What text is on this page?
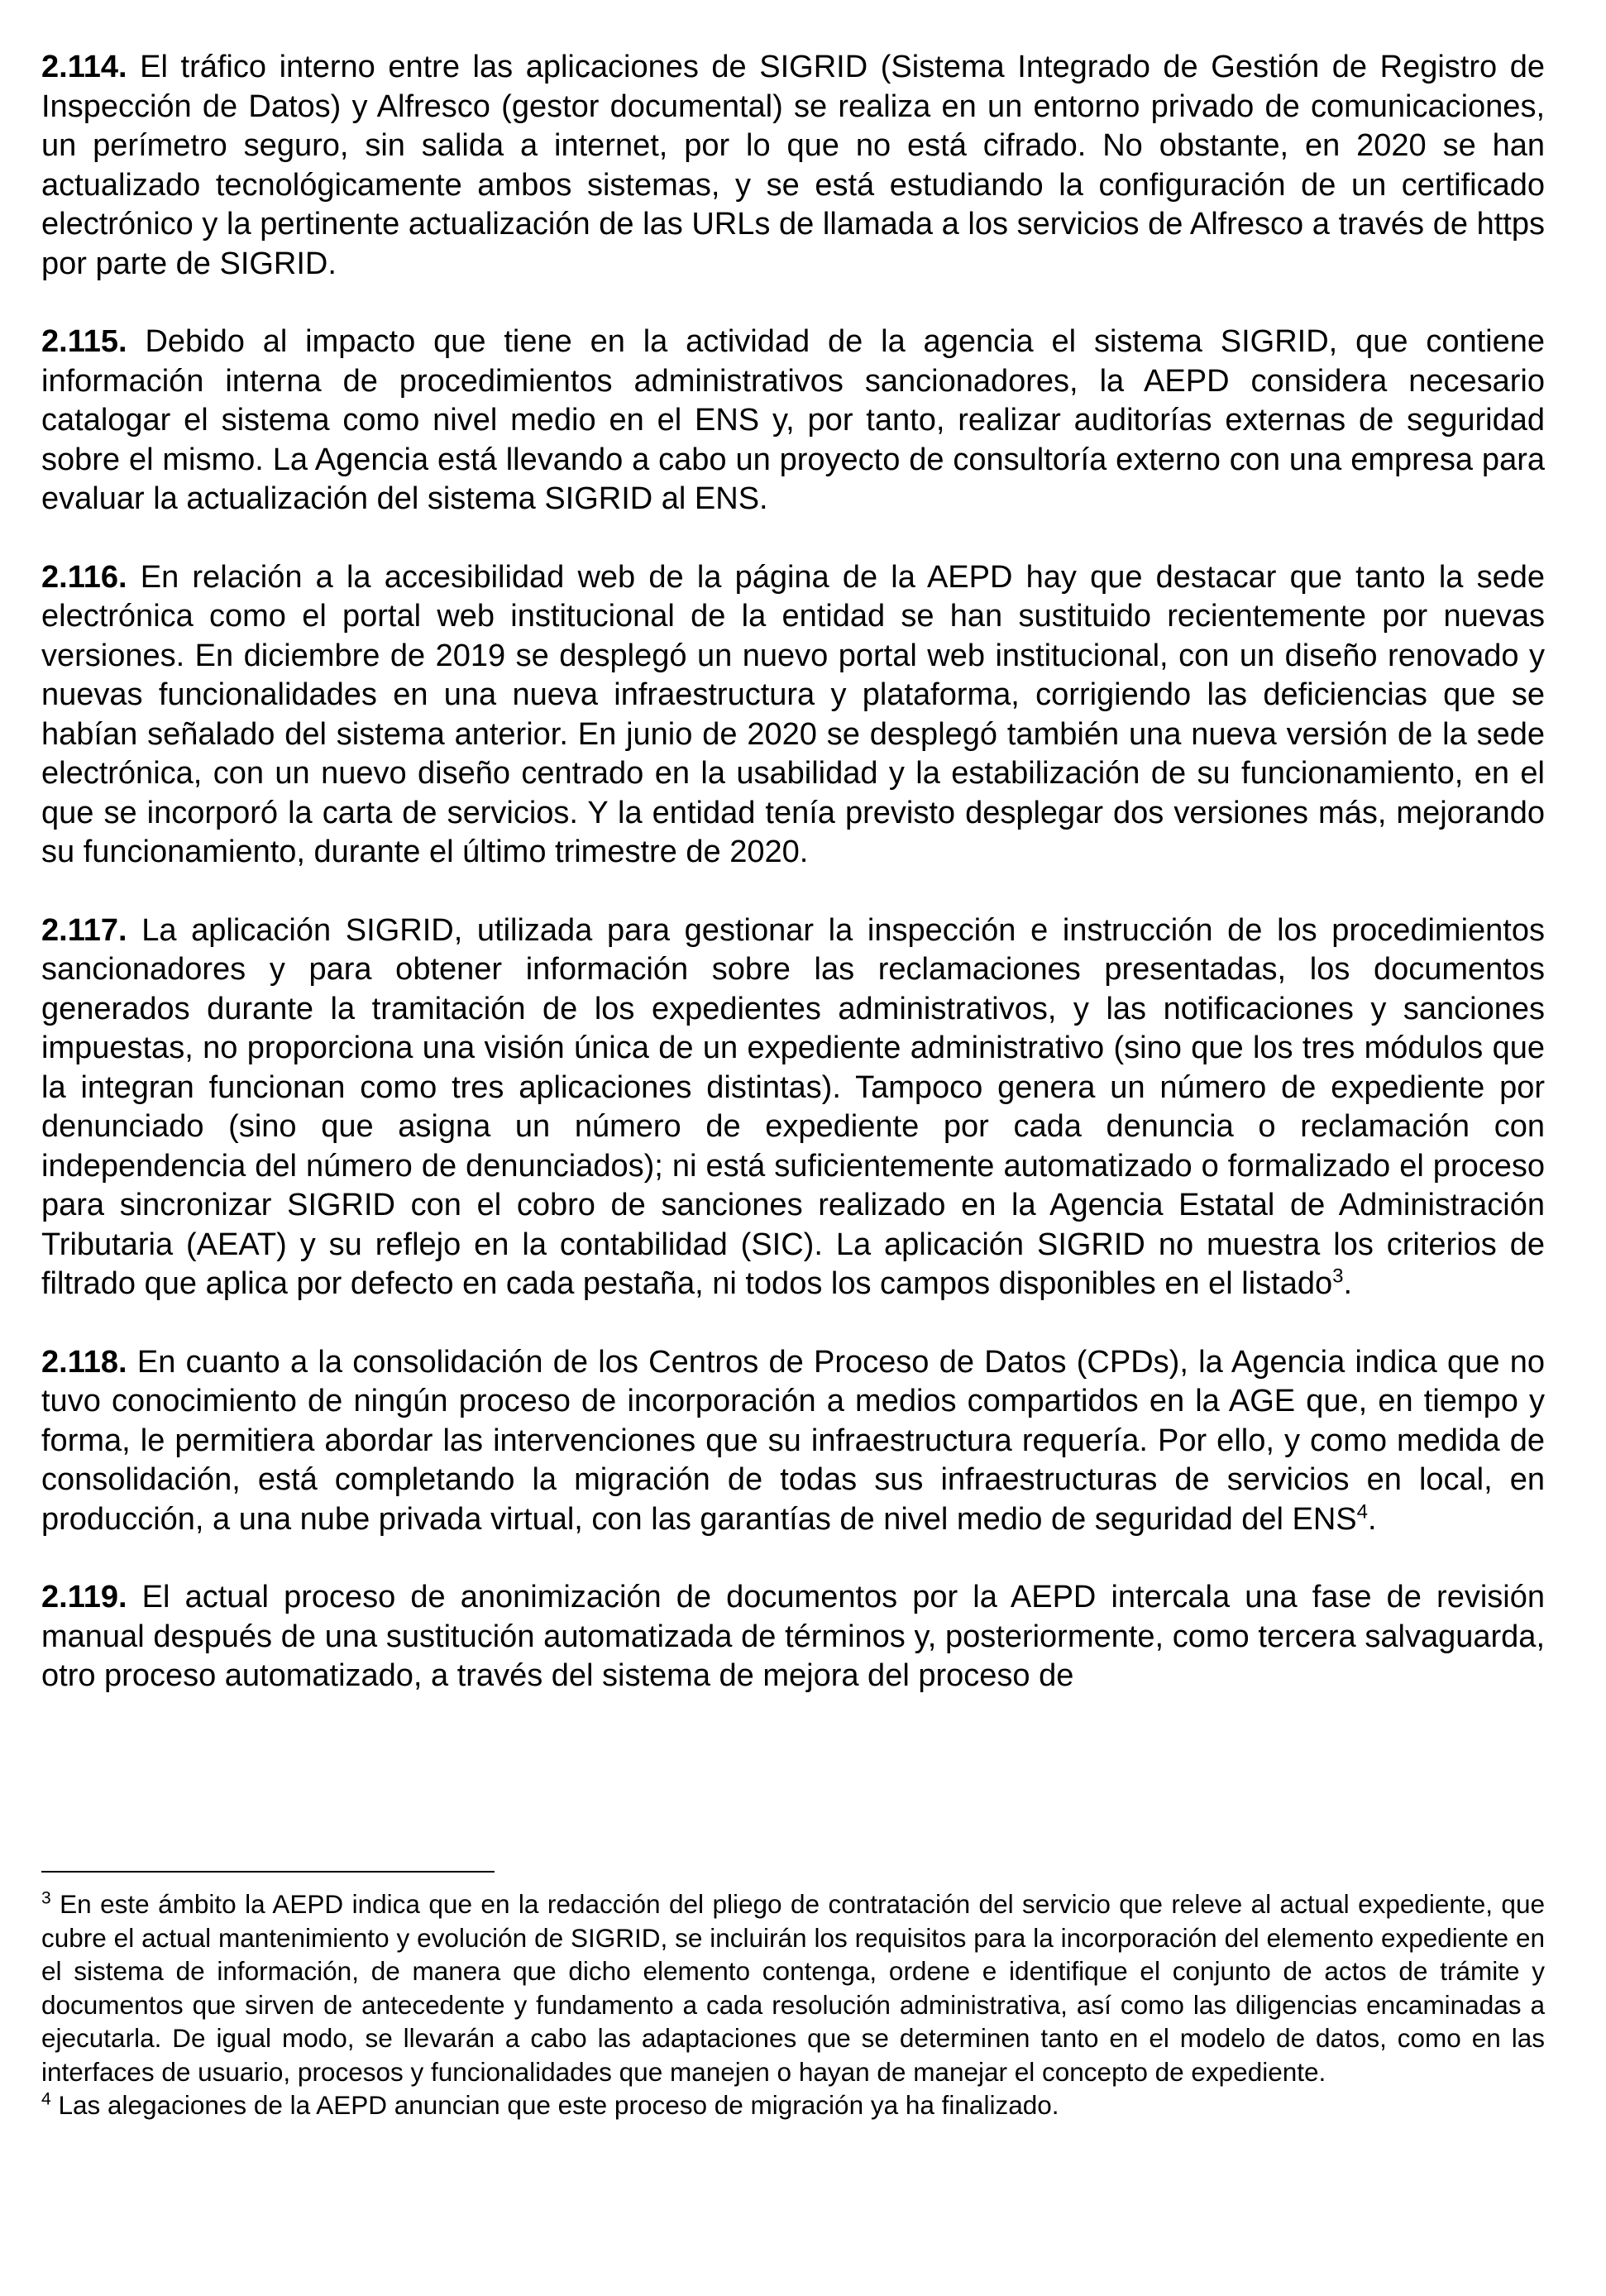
2.114. El tráfico interno entre las aplicaciones de SIGRID (Sistema Integrado de Gestión de Registro de Inspección de Datos) y Alfresco (gestor documental) se realiza en un entorno privado de comunicaciones, un perímetro seguro, sin salida a internet, por lo que no está cifrado. No obstante, en 2020 se han actualizado tecnológicamente ambos sistemas, y se está estudiando la configuración de un certificado electrónico y la pertinente actualización de las URLs de llamada a los servicios de Alfresco a través de https por parte de SIGRID.

2.115. Debido al impacto que tiene en la actividad de la agencia el sistema SIGRID, que contiene información interna de procedimientos administrativos sancionadores, la AEPD considera necesario catalogar el sistema como nivel medio en el ENS y, por tanto, realizar auditorías externas de seguridad sobre el mismo. La Agencia está llevando a cabo un proyecto de consultoría externo con una empresa para evaluar la actualización del sistema SIGRID al ENS.

2.116. En relación a la accesibilidad web de la página de la AEPD hay que destacar que tanto la sede electrónica como el portal web institucional de la entidad se han sustituido recientemente por nuevas versiones. En diciembre de 2019 se desplegó un nuevo portal web institucional, con un diseño renovado y nuevas funcionalidades en una nueva infraestructura y plataforma, corrigiendo las deficiencias que se habían señalado del sistema anterior. En junio de 2020 se desplegó también una nueva versión de la sede electrónica, con un nuevo diseño centrado en la usabilidad y la estabilización de su funcionamiento, en el que se incorporó la carta de servicios. Y la entidad tenía previsto desplegar dos versiones más, mejorando su funcionamiento, durante el último trimestre de 2020.

2.117. La aplicación SIGRID, utilizada para gestionar la inspección e instrucción de los procedimientos sancionadores y para obtener información sobre las reclamaciones presentadas, los documentos generados durante la tramitación de los expedientes administrativos, y las notificaciones y sanciones impuestas, no proporciona una visión única de un expediente administrativo (sino que los tres módulos que la integran funcionan como tres aplicaciones distintas). Tampoco genera un número de expediente por denunciado (sino que asigna un número de expediente por cada denuncia o reclamación con independencia del número de denunciados); ni está suficientemente automatizado o formalizado el proceso para sincronizar SIGRID con el cobro de sanciones realizado en la Agencia Estatal de Administración Tributaria (AEAT) y su reflejo en la contabilidad (SIC). La aplicación SIGRID no muestra los criterios de filtrado que aplica por defecto en cada pestaña, ni todos los campos disponibles en el listado$^3$.

2.118. En cuanto a la consolidación de los Centros de Proceso de Datos (CPDs), la Agencia indica que no tuvo conocimiento de ningún proceso de incorporación a medios compartidos en la AGE que, en tiempo y forma, le permitiera abordar las intervenciones que su infraestructura requería. Por ello, y como medida de consolidación, está completando la migración de todas sus infraestructuras de servicios en local, en producción, a una nube privada virtual, con las garantías de nivel medio de seguridad del ENS$^4$.

2.119. El actual proceso de anonimización de documentos por la AEPD intercala una fase de revisión manual después de una sustitución automatizada de términos y, posteriormente, como tercera salvaguarda, otro proceso automatizado, a través del sistema de mejora del proceso de

$^3$ En este ámbito la AEPD indica que en la redacción del pliego de contratación del servicio que releve al actual expediente, que cubre el actual mantenimiento y evolución de SIGRID, se incluirán los requisitos para la incorporación del elemento expediente en el sistema de información, de manera que dicho elemento contenga, ordene e identifique el conjunto de actos de trámite y documentos que sirven de antecedente y fundamento a cada resolución administrativa, así como las diligencias encaminadas a ejecutarla. De igual modo, se llevarán a cabo las adaptaciones que se determinen tanto en el modelo de datos, como en las interfaces de usuario, procesos y funcionalidades que manejen o hayan de manejar el concepto de expediente.

$^4$ Las alegaciones de la AEPD anuncian que este proceso de migración ya ha finalizado.
